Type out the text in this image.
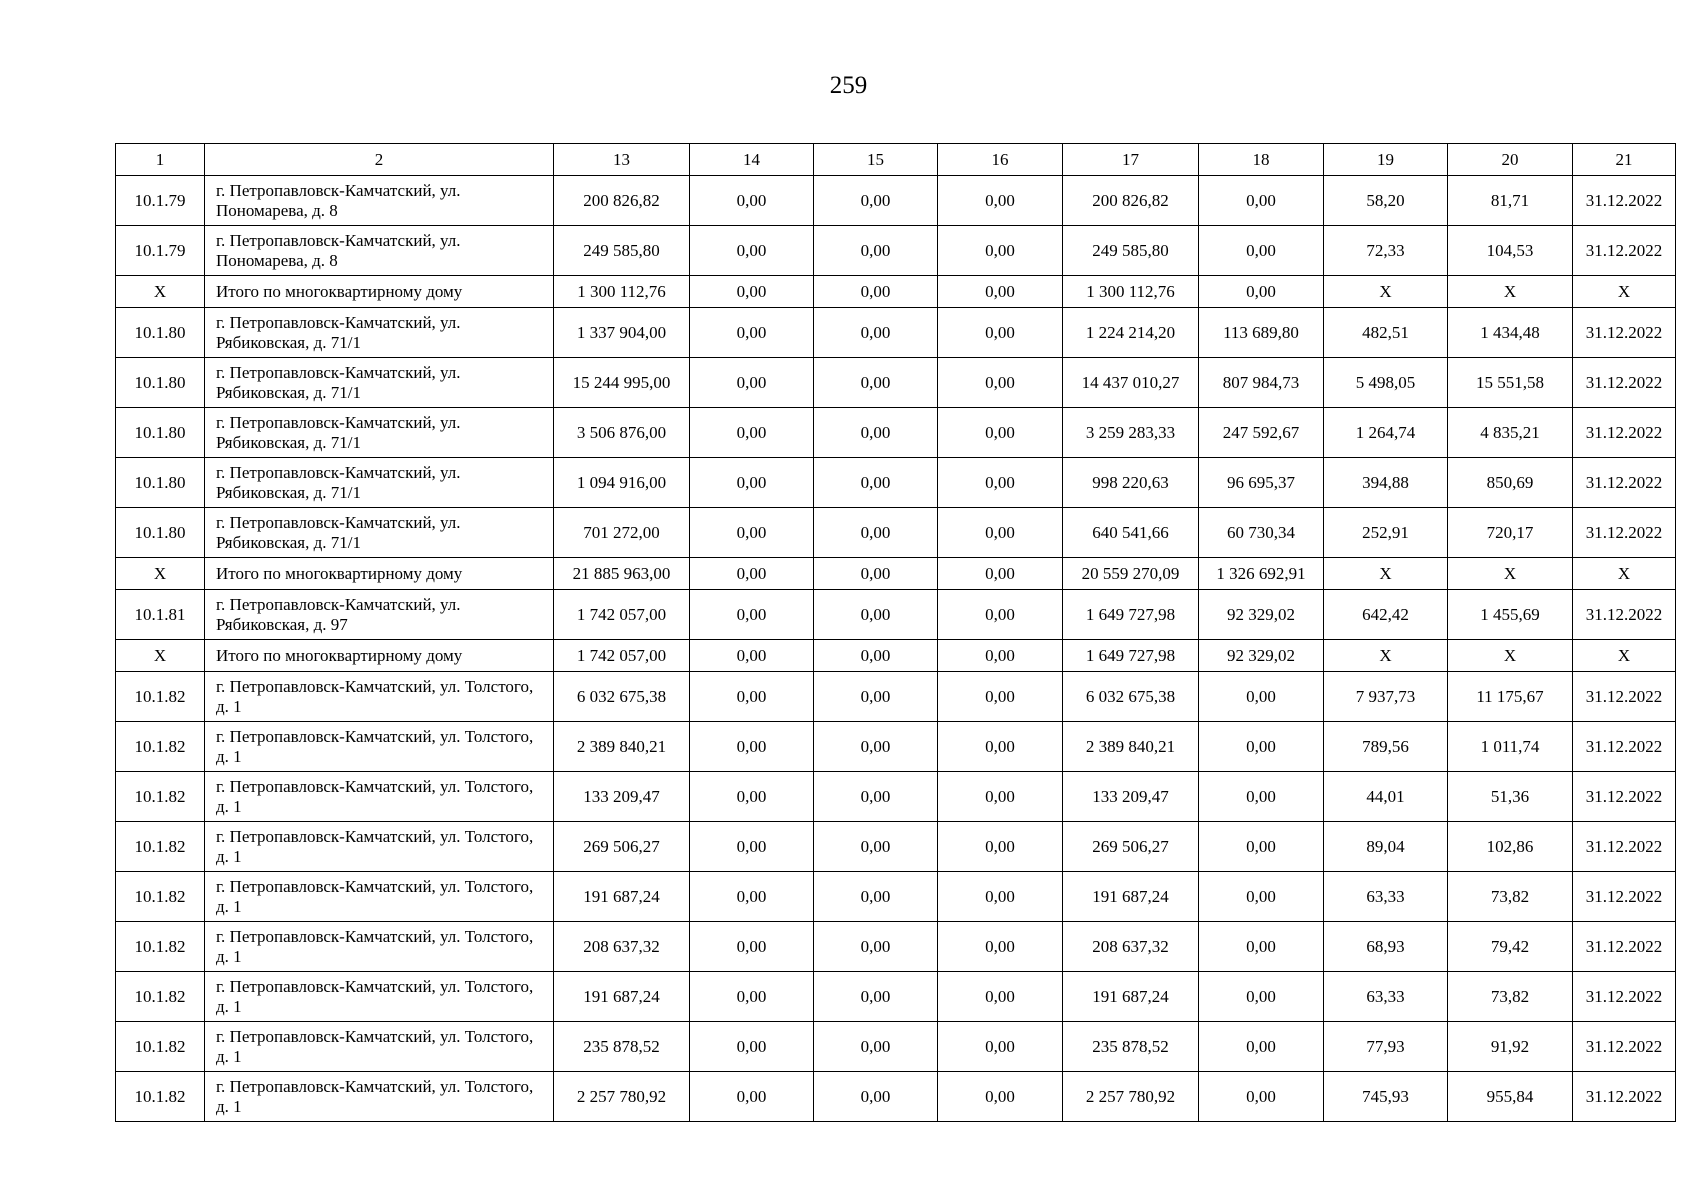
259
1	2	13	14	15	16	17	18	19	20	21
10.1.79	г. Петропавловск-Камчатский, ул. Пономарева, д. 8	200 826,82	0,00	0,00	0,00	200 826,82	0,00	58,20	81,71	31.12.2022
10.1.79	г. Петропавловск-Камчатский, ул. Пономарева, д. 8	249 585,80	0,00	0,00	0,00	249 585,80	0,00	72,33	104,53	31.12.2022
X	Итого по многоквартирному дому	1 300 112,76	0,00	0,00	0,00	1 300 112,76	0,00	X	X	X
10.1.80	г. Петропавловск-Камчатский, ул. Рябиковская, д. 71/1	1 337 904,00	0,00	0,00	0,00	1 224 214,20	113 689,80	482,51	1 434,48	31.12.2022
10.1.80	г. Петропавловск-Камчатский, ул. Рябиковская, д. 71/1	15 244 995,00	0,00	0,00	0,00	14 437 010,27	807 984,73	5 498,05	15 551,58	31.12.2022
10.1.80	г. Петропавловск-Камчатский, ул. Рябиковская, д. 71/1	3 506 876,00	0,00	0,00	0,00	3 259 283,33	247 592,67	1 264,74	4 835,21	31.12.2022
10.1.80	г. Петропавловск-Камчатский, ул. Рябиковская, д. 71/1	1 094 916,00	0,00	0,00	0,00	998 220,63	96 695,37	394,88	850,69	31.12.2022
10.1.80	г. Петропавловск-Камчатский, ул. Рябиковская, д. 71/1	701 272,00	0,00	0,00	0,00	640 541,66	60 730,34	252,91	720,17	31.12.2022
X	Итого по многоквартирному дому	21 885 963,00	0,00	0,00	0,00	20 559 270,09	1 326 692,91	X	X	X
10.1.81	г. Петропавловск-Камчатский, ул. Рябиковская, д. 97	1 742 057,00	0,00	0,00	0,00	1 649 727,98	92 329,02	642,42	1 455,69	31.12.2022
X	Итого по многоквартирному дому	1 742 057,00	0,00	0,00	0,00	1 649 727,98	92 329,02	X	X	X
10.1.82	г. Петропавловск-Камчатский, ул. Толстого, д. 1	6 032 675,38	0,00	0,00	0,00	6 032 675,38	0,00	7 937,73	11 175,67	31.12.2022
10.1.82	г. Петропавловск-Камчатский, ул. Толстого, д. 1	2 389 840,21	0,00	0,00	0,00	2 389 840,21	0,00	789,56	1 011,74	31.12.2022
10.1.82	г. Петропавловск-Камчатский, ул. Толстого, д. 1	133 209,47	0,00	0,00	0,00	133 209,47	0,00	44,01	51,36	31.12.2022
10.1.82	г. Петропавловск-Камчатский, ул. Толстого, д. 1	269 506,27	0,00	0,00	0,00	269 506,27	0,00	89,04	102,86	31.12.2022
10.1.82	г. Петропавловск-Камчатский, ул. Толстого, д. 1	191 687,24	0,00	0,00	0,00	191 687,24	0,00	63,33	73,82	31.12.2022
10.1.82	г. Петропавловск-Камчатский, ул. Толстого, д. 1	208 637,32	0,00	0,00	0,00	208 637,32	0,00	68,93	79,42	31.12.2022
10.1.82	г. Петропавловск-Камчатский, ул. Толстого, д. 1	191 687,24	0,00	0,00	0,00	191 687,24	0,00	63,33	73,82	31.12.2022
10.1.82	г. Петропавловск-Камчатский, ул. Толстого, д. 1	235 878,52	0,00	0,00	0,00	235 878,52	0,00	77,93	91,92	31.12.2022
10.1.82	г. Петропавловск-Камчатский, ул. Толстого, д. 1	2 257 780,92	0,00	0,00	0,00	2 257 780,92	0,00	745,93	955,84	31.12.2022
